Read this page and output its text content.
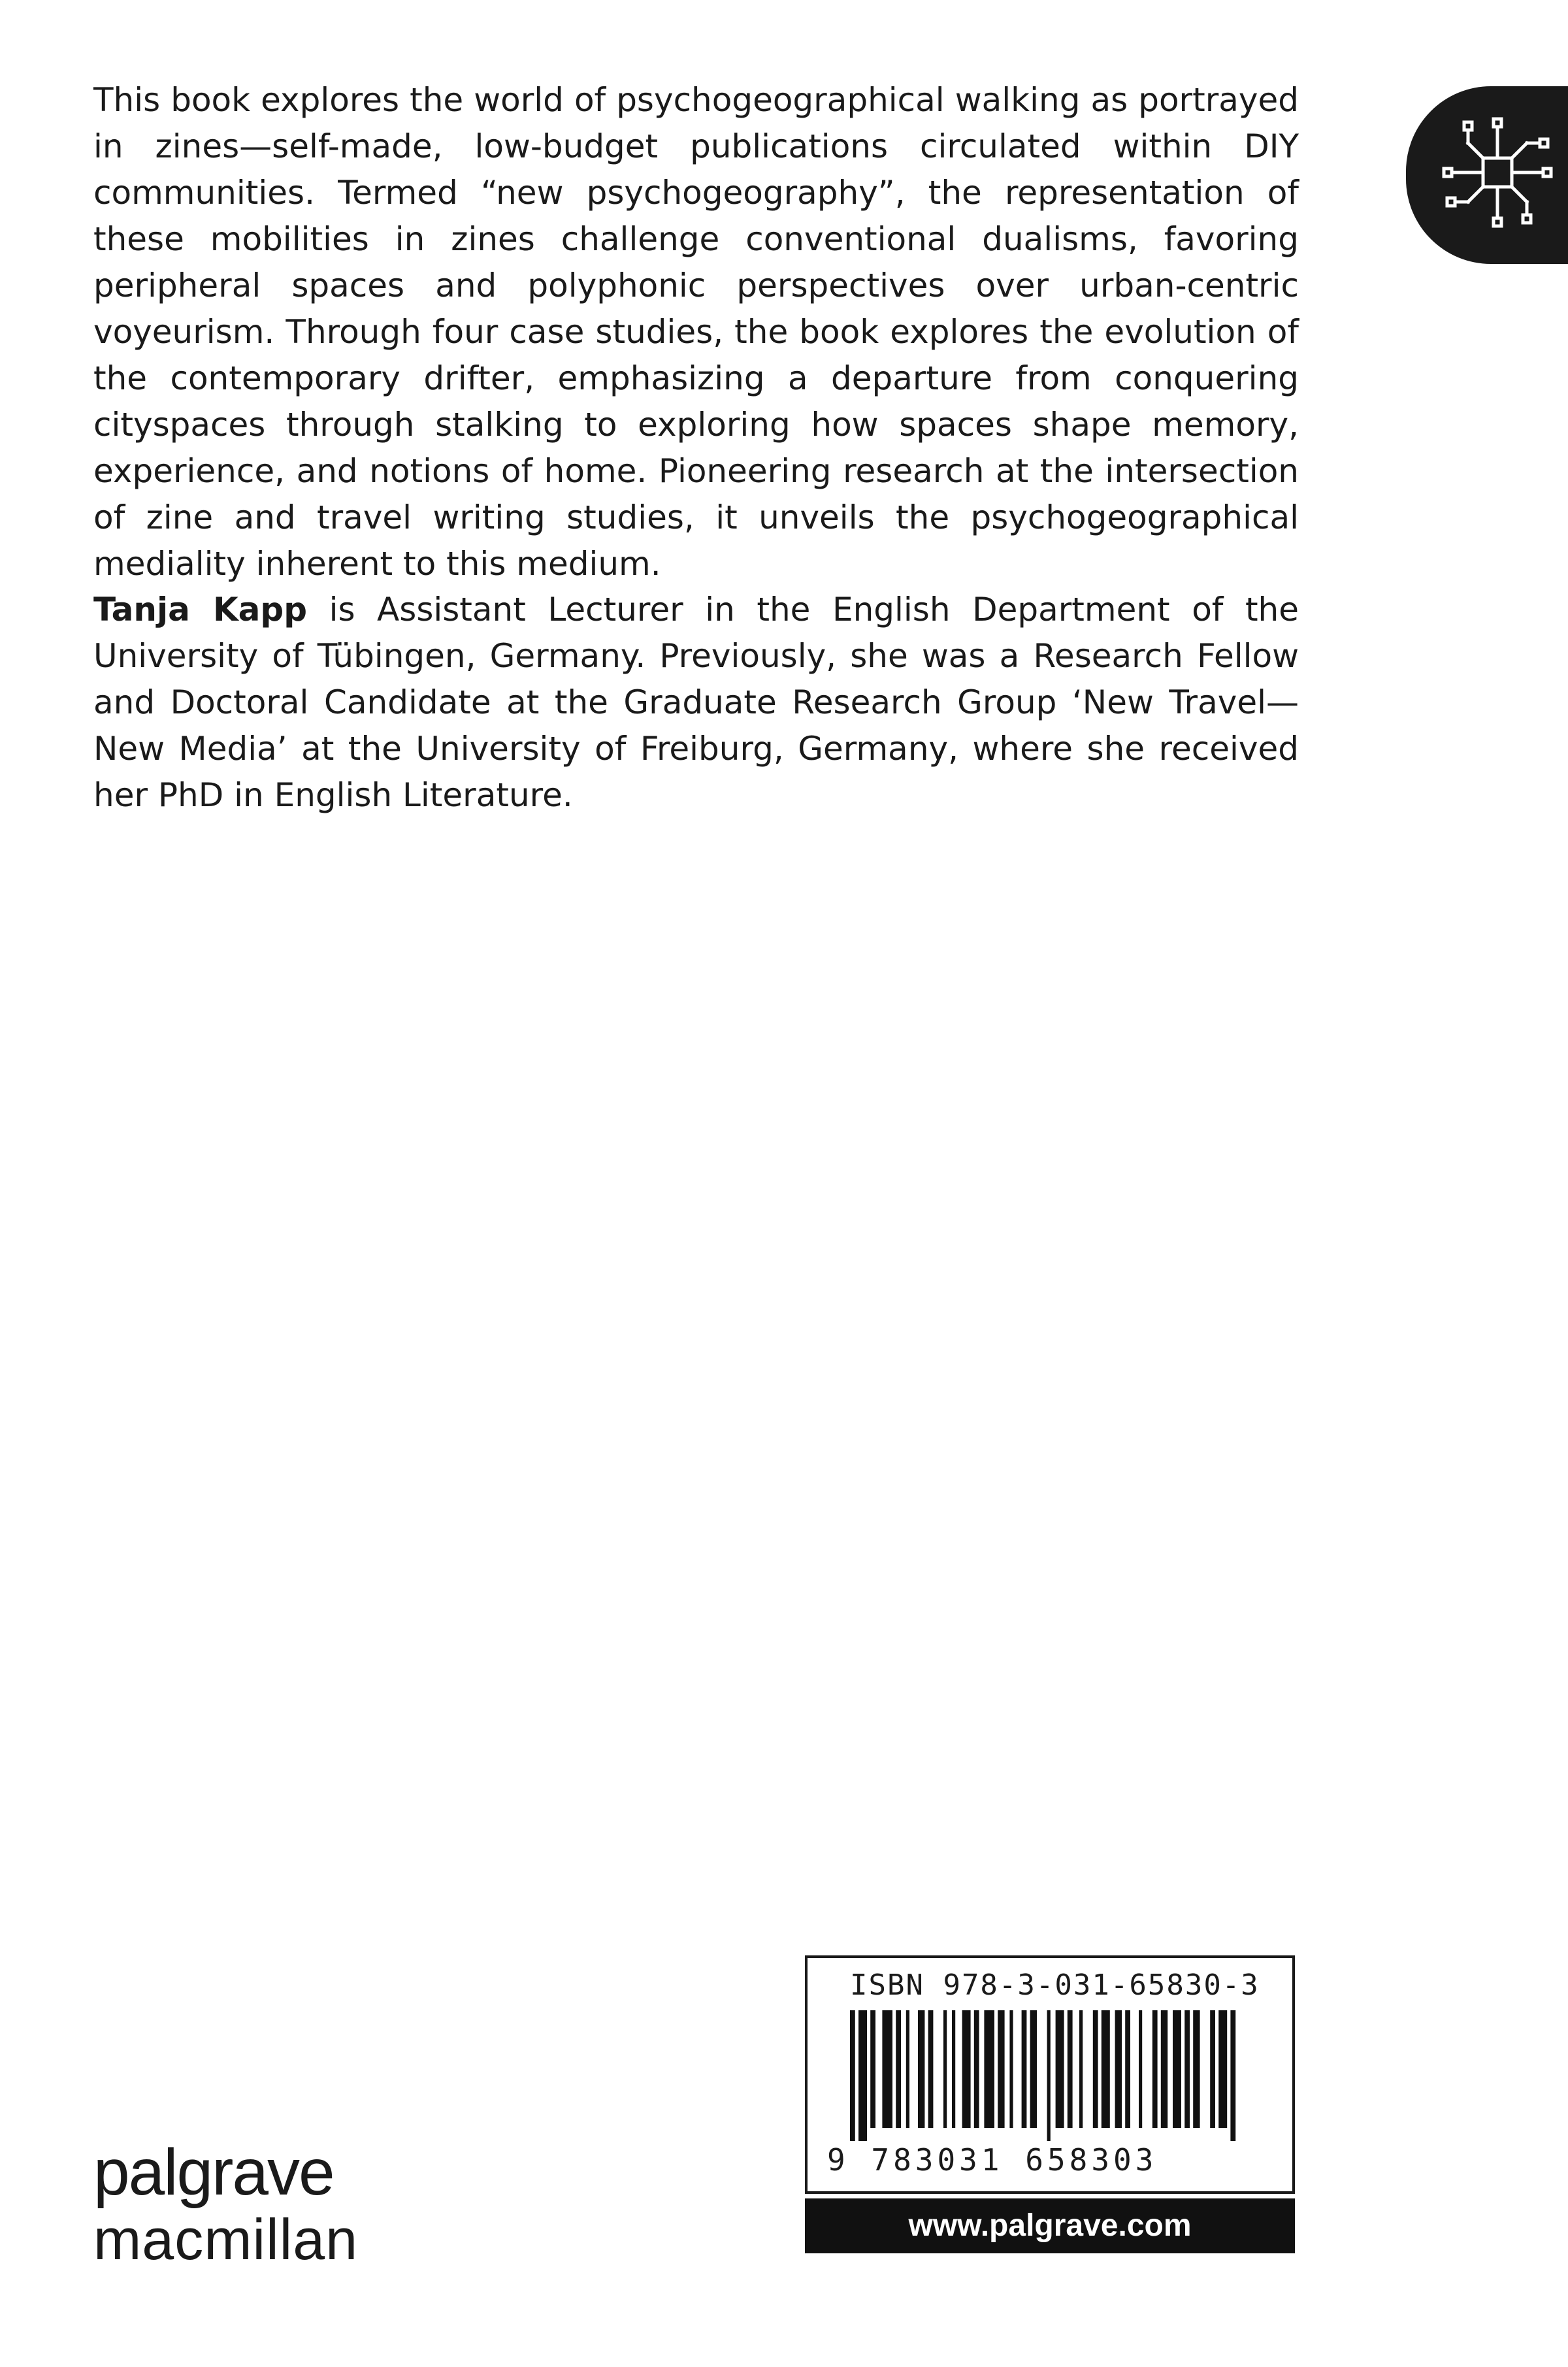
This book explores the world of psychogeographical walking as portrayed in zines—self-made, low-budget publications circulated within DIY communities. Termed “new psychogeography”, the representation of these mobilities in zines challenge conventional dualisms, favoring peripheral spaces and polyphonic perspectives over urban-centric voyeurism. Through four case studies, the book explores the evolution of the contemporary drifter, emphasizing a departure from conquering cityspaces through stalking to exploring how spaces shape memory, experience, and notions of home. Pioneering research at the intersection of zine and travel writing studies, it unveils the psychogeographical mediality inherent to this medium.

Tanja Kapp is Assistant Lecturer in the English Department of the University of Tübingen, Germany. Previously, she was a Research Fellow and Doctoral Candidate at the Graduate Research Group ‘New Travel—New Media’ at the University of Freiburg, Germany, where she received her PhD in English Literature.

palgrave
macmillan
ISBN 978-3-031-65830-3
9 783031 658303
www.palgrave.com
